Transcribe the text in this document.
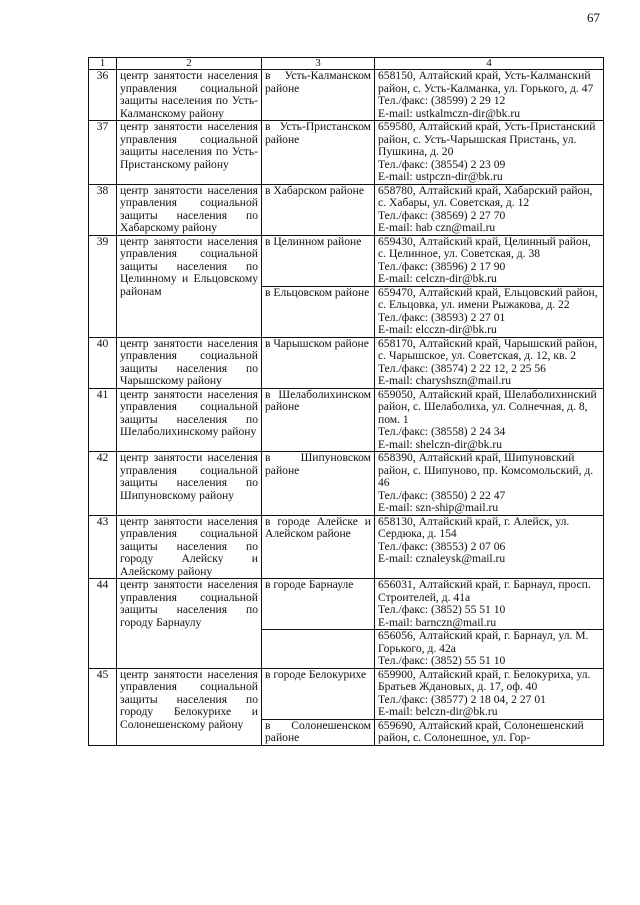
67
1	2	3	4
36	центр занятости населения управления социальной защиты населения по Усть-Калманскому району	в Усть-Калманском районе	658150, Алтайский край, Усть-Калманский район, с. Усть-Калманка, ул. Горького, д. 47
Тел./факс: (38599) 2 29 12
E-mail: ustkalmczn-dir@bk.ru

37	центр занятости населения управления социальной защиты населения по Усть-Пристанскому району	в Усть-Пристанском районе	659580, Алтайский край, Усть-Пристанский район, с. Усть-Чарышская Пристань, ул. Пушкина, д. 20
Тел./факс: (38554) 2 23 09
E-mail: ustpczn-dir@bk.ru

38	центр занятости населения управления социальной защиты населения по Хабарскому району	в Хабарском районе	658780, Алтайский край, Хабарский район, с. Хабары, ул. Советская, д. 12
Тел./факс: (38569) 2 27 70
E-mail: hab czn@mail.ru

39	центр занятости населения управления социальной защиты населения по Целинному и Ельцовскому районам	в Целинном районе	659430, Алтайский край, Целинный район, с. Целинное, ул. Советская, д. 38
Тел./факс: (38596) 2 17 90
E-mail: celczn-dir@bk.ru

		в Ельцовском районе	659470, Алтайский край, Ельцовский район, с. Ельцовка, ул. имени Рыжакова, д. 22
Тел./факс: (38593) 2 27 01
E-mail: elcczn-dir@bk.ru

40	центр занятости населения управления социальной защиты населения по Чарышскому району	в Чарышском районе	658170, Алтайский край, Чарышский район, с. Чарышское, ул. Советская, д. 12, кв. 2
Тел./факс: (38574) 2 22 12, 2 25 56
E-mail: charyshszn@mail.ru

41	центр занятости населения управления социальной защиты населения по Шелаболихинскому району	в Шелаболихинском районе	659050, Алтайский край, Шелаболихинский район, с. Шелаболиха, ул. Солнечная, д. 8, пом. 1
Тел./факс: (38558) 2 24 34
E-mail: shelczn-dir@bk.ru

42	центр занятости населения управления социальной защиты населения по Шипуновскому району	в Шипуновском районе	658390, Алтайский край, Шипуновский район, с. Шипуново, пр. Комсомольский, д. 46
Тел./факс: (38550) 2 22 47
E-mail: szn-ship@mail.ru

43	центр занятости населения управления социальной защиты населения по городу Алейску и Алейскому району	в городе Алейске и Алейском районе	658130, Алтайский край, г. Алейск, ул. Сердюка, д. 154
Тел./факс: (38553) 2 07 06
E-mail: cznaleysk@mail.ru

44	центр занятости населения управления социальной защиты населения по городу Барнаулу	в городе Барнауле	656031, Алтайский край, г. Барнаул, просп. Строителей, д. 41а
Тел./факс: (3852) 55 51 10
E-mail: barnczn@mail.ru

			656056, Алтайский край, г. Барнаул, ул. М. Горького, д. 42а
Тел./факс: (3852) 55 51 10

45	центр занятости населения управления социальной защиты населения по городу Белокурихе и Солонешенскому району	в городе Белокурихе	659900, Алтайский край, г. Белокуриха, ул. Братьев Ждановых, д. 17, оф. 40
Тел./факс: (38577) 2 18 04, 2 27 01
E-mail: belczn-dir@bk.ru

		в Солонешенском районе	659690, Алтайский край, Солонешенский район, с. Солонешное, ул. Гор-
